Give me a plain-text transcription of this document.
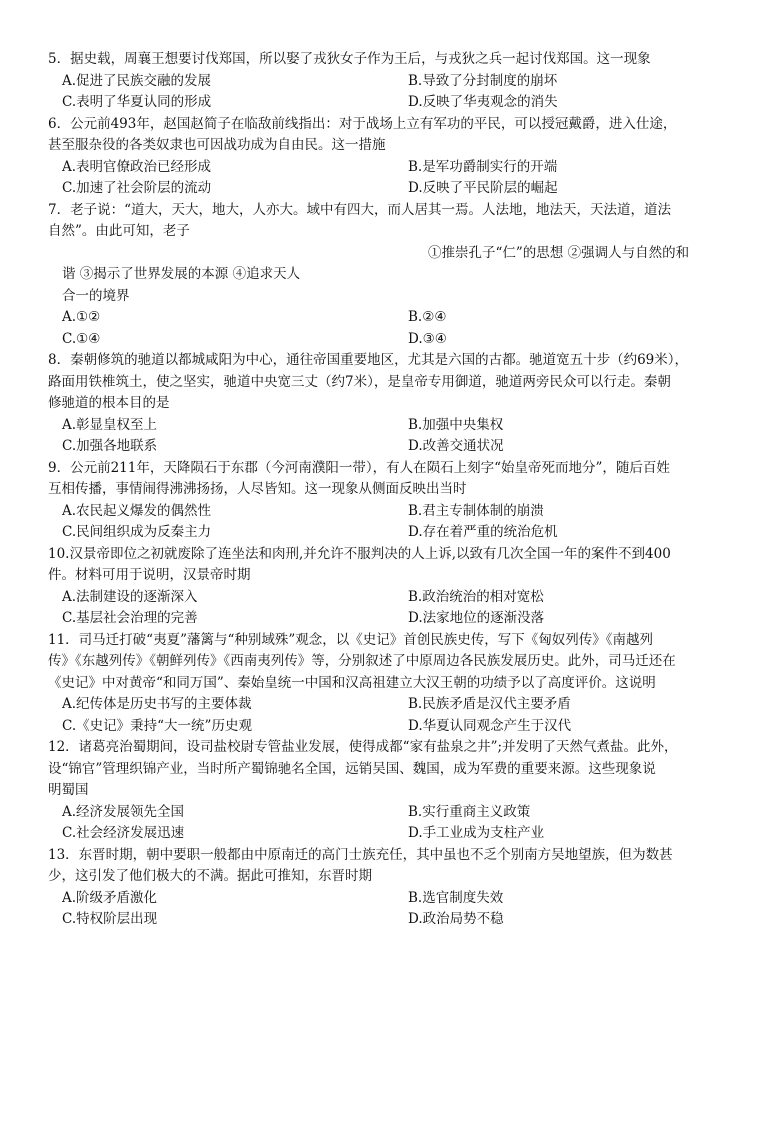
5．据史载，周襄王想要讨伐郑国，所以娶了戎狄女子作为王后，与戎狄之兵一起讨伐郑国。这一现象
A.促进了民族交融的发展	B.导致了分封制度的崩坏
C.表明了华夏认同的形成	D.反映了华夷观念的消失
6．公元前493年，赵国赵简子在临敌前线指出：对于战场上立有军功的平民，可以授冠戴爵，进入仕途，
甚至服杂役的各类奴隶也可因战功成为自由民。这一措施
A.表明官僚政治已经形成	B.是军功爵制实行的开端
C.加速了社会阶层的流动	D.反映了平民阶层的崛起
7．老子说：“道大，天大，地大，人亦大。域中有四大，而人居其一焉。人法地，地法天，天法道，道法
自然”。由此可知，老子
①推崇孔子“仁”的思想 ②强调人与自然的和
谐 ③揭示了世界发展的本源 ④追求天人
合一的境界
A.①②	B.②④
C.①④	D.③④
8．秦朝修筑的驰道以都城咸阳为中心，通往帝国重要地区，尤其是六国的古都。驰道宽五十步（约69米），
路面用铁椎筑土，使之坚实，驰道中央宽三丈（约7米），是皇帝专用御道，驰道两旁民众可以行走。秦朝
修驰道的根本目的是
A.彰显皇权至上	B.加强中央集权
C.加强各地联系	D.改善交通状况
9．公元前211年，天降陨石于东郡（今河南濮阳一带），有人在陨石上刻字“始皇帝死而地分”，随后百姓
互相传播，事情闹得沸沸扬扬，人尽皆知。这一现象从侧面反映出当时
A.农民起义爆发的偶然性	B.君主专制体制的崩溃
C.民间组织成为反秦主力	D.存在着严重的统治危机
10.汉景帝即位之初就废除了连坐法和肉刑,并允许不服判决的人上诉,以致有几次全国一年的案件不到400
件。材料可用于说明，汉景帝时期
A.法制建设的逐渐深入	B.政治统治的相对宽松
C.基层社会治理的完善	D.法家地位的逐渐没落
11．司马迁打破“夷夏”藩篱与“种别域殊”观念，以《史记》首创民族史传，写下《匈奴列传》《南越列
传》《东越列传》《朝鲜列传》《西南夷列传》等，分别叙述了中原周边各民族发展历史。此外，司马迁还在
《史记》中对黄帝“和同万国”、秦始皇统一中国和汉高祖建立大汉王朝的功绩予以了高度评价。这说明
A.纪传体是历史书写的主要体裁	B.民族矛盾是汉代主要矛盾
C.《史记》秉持“大一统”历史观	D.华夏认同观念产生于汉代
12．诸葛亮治蜀期间，设司盐校尉专管盐业发展，使得成都“家有盐泉之井”;并发明了天然气煮盐。此外，
设“锦官”管理织锦产业，当时所产蜀锦驰名全国，远销吴国、魏国，成为军费的重要来源。这些现象说
明蜀国
A.经济发展领先全国	B.实行重商主义政策
C.社会经济发展迅速	D.手工业成为支柱产业
13．东晋时期，朝中要职一般都由中原南迁的高门士族充任，其中虽也不乏个别南方吴地望族，但为数甚
少，这引发了他们极大的不满。据此可推知，东晋时期
A.阶级矛盾激化	B.选官制度失效
C.特权阶层出现	D.政治局势不稳
